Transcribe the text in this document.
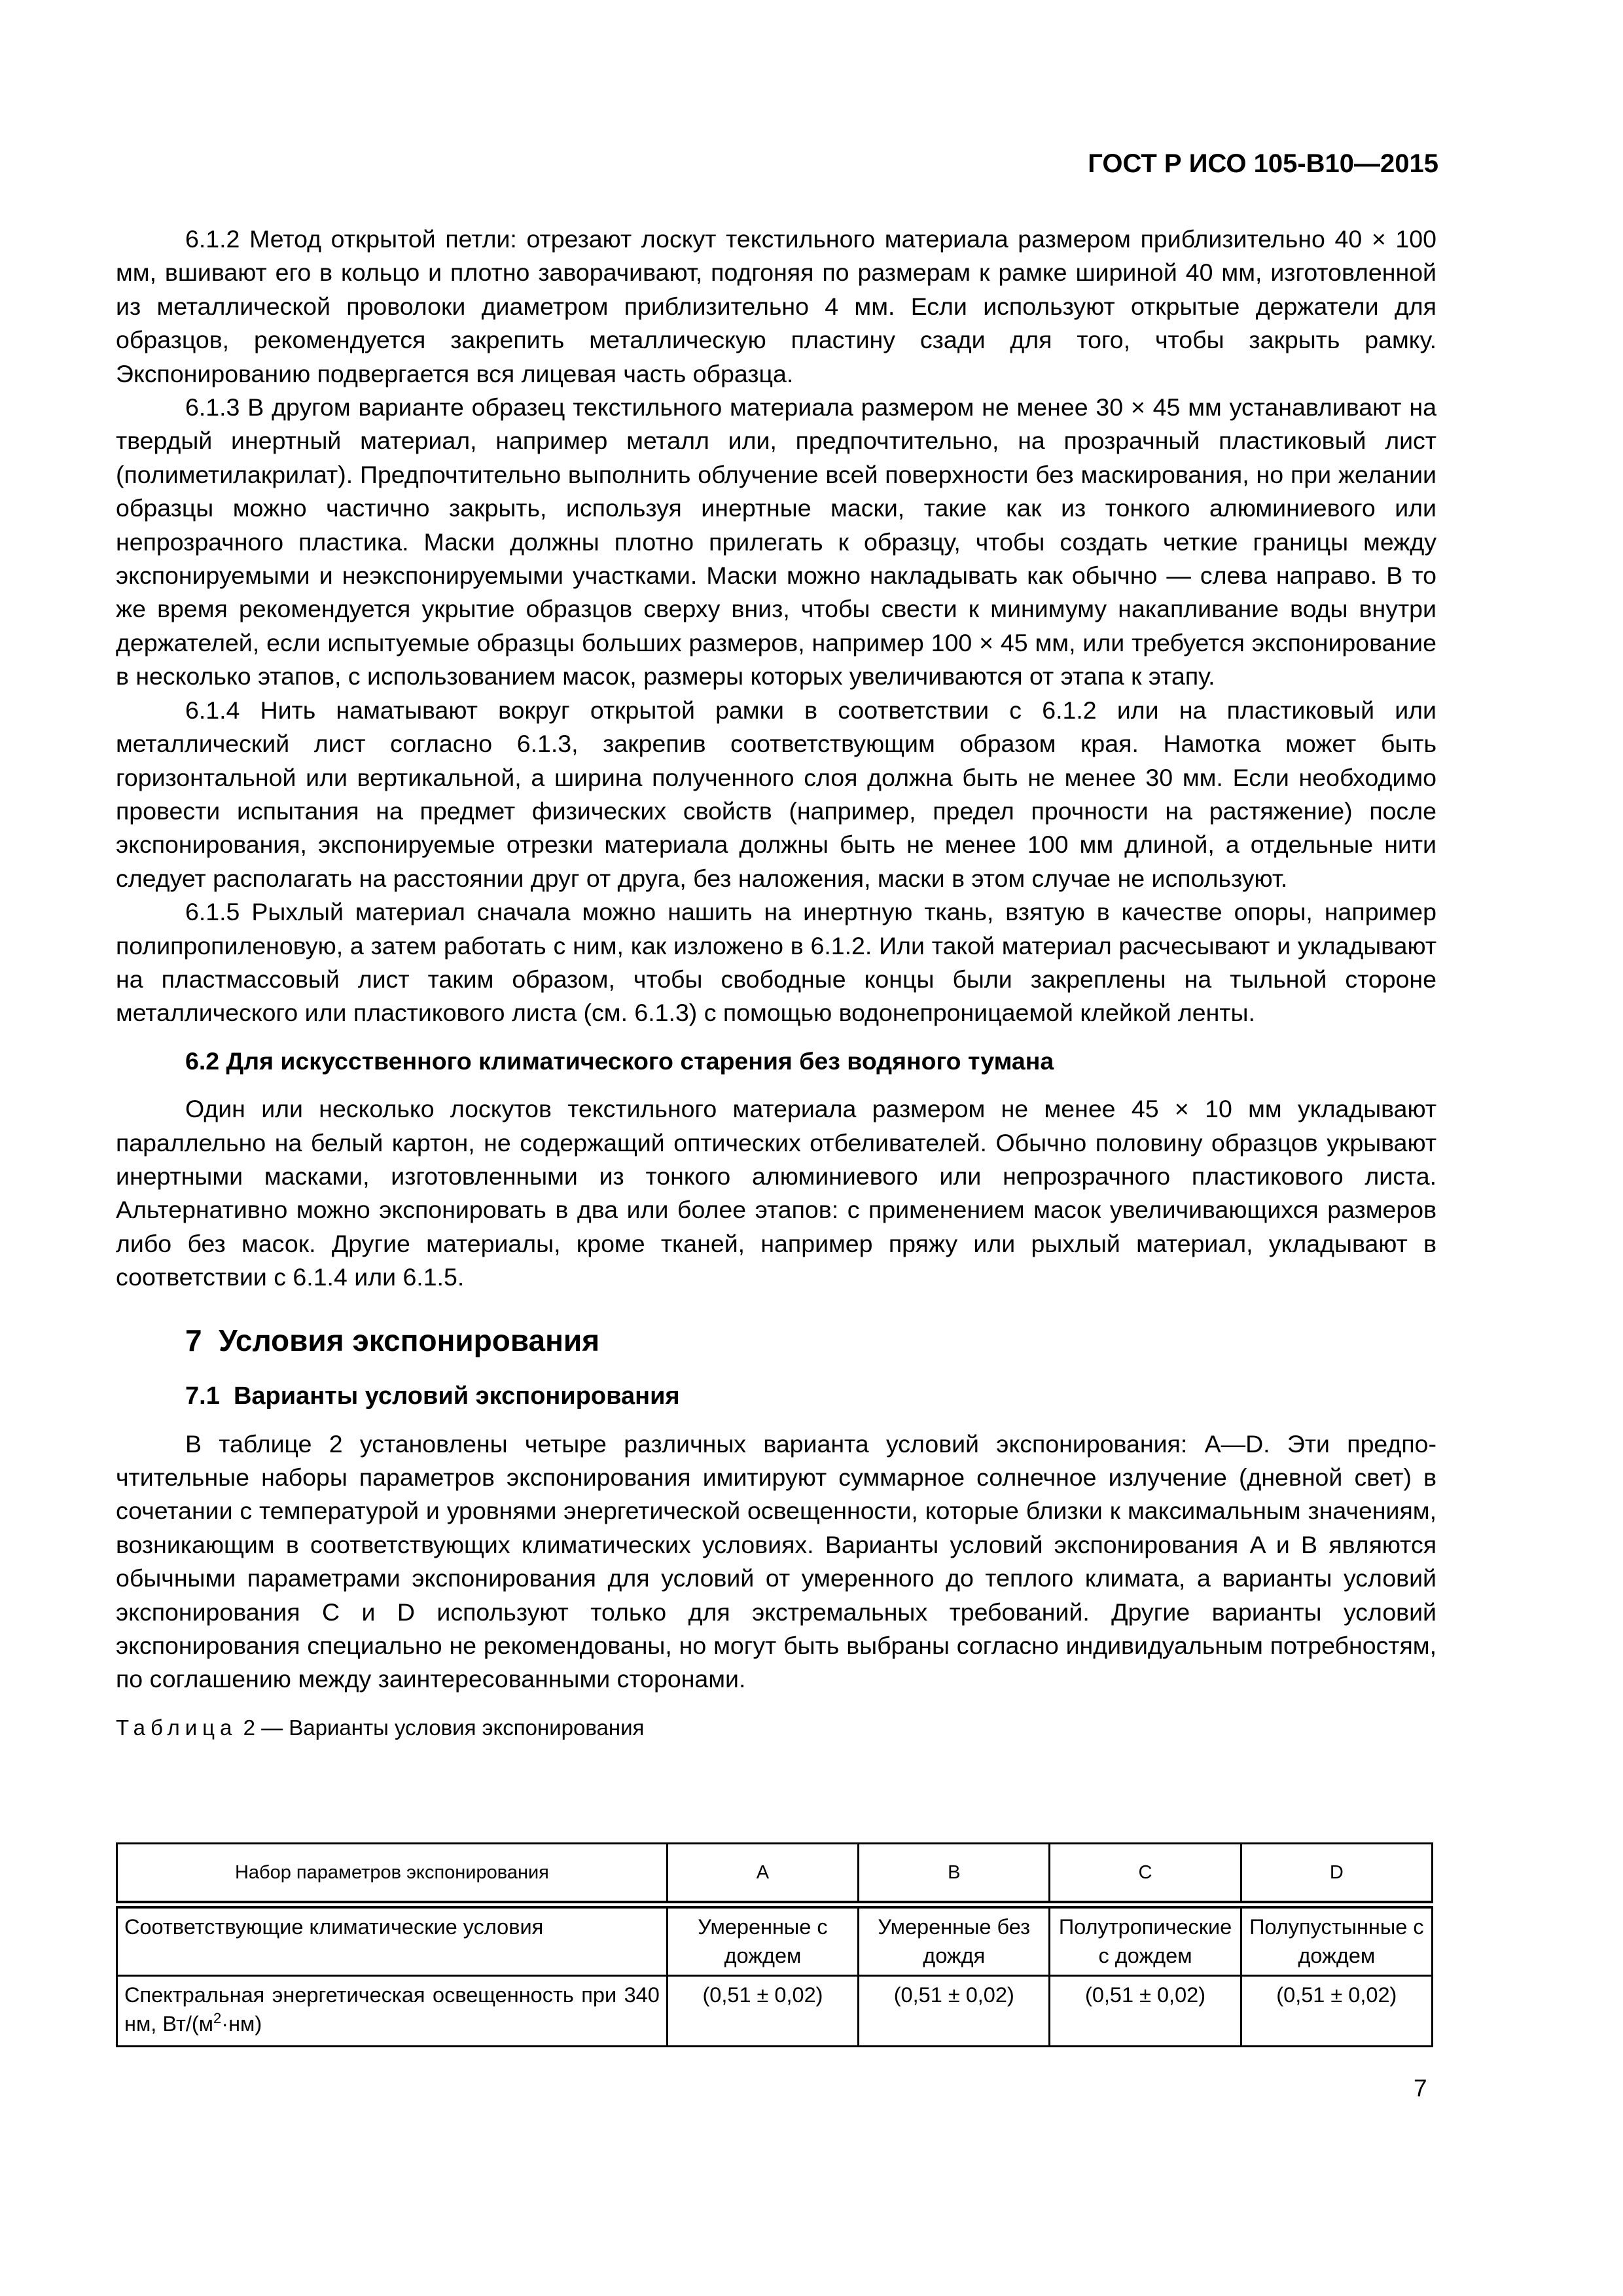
ГОСТ Р ИСО 105-B10—2015

6.1.2 Метод открытой петли: отрезают лоскут текстильного материала размером приблизительно 40 × 100 мм, вшивают его в кольцо и плотно заворачивают, подгоняя по размерам к рамке шириной 40 мм, изготовленной из металлической проволоки диаметром приблизительно 4 мм. Если используют открытые держатели для образцов, рекомендуется закрепить металлическую пластину сзади для того, чтобы закрыть рамку. Экспонированию подвергается вся лицевая часть образца.

6.1.3 В другом варианте образец текстильного материала размером не менее 30 × 45 мм устанавливают на твердый инертный материал, например металл или, предпочтительно, на прозрачный пластиковый лист (полиметилакрилат). Предпочтительно выполнить облучение всей поверхности без маскирования, но при желании образцы можно частично закрыть, используя инертные маски, такие как из тонкого алюминиевого или непрозрачного пластика. Маски должны плотно прилегать к образцу, чтобы создать четкие границы между экспонируемыми и неэкспонируемыми участками. Маски можно накладывать как обычно — слева направо. В то же время рекомендуется укрытие образцов сверху вниз, чтобы свести к минимуму накапливание воды внутри держателей, если испытуемые образцы больших размеров, например 100 × 45 мм, или требуется экспонирование в несколько этапов, с использованием масок, размеры которых увеличиваются от этапа к этапу.

6.1.4 Нить наматывают вокруг открытой рамки в соответствии с 6.1.2 или на пластиковый или металлический лист согласно 6.1.3, закрепив соответствующим образом края. Намотка может быть горизонтальной или вертикальной, а ширина полученного слоя должна быть не менее 30 мм. Если необходимо провести испытания на предмет физических свойств (например, предел прочности на растяжение) после экспонирования, экспонируемые отрезки материала должны быть не менее 100 мм длиной, а отдельные нити следует располагать на расстоянии друг от друга, без наложения, маски в этом случае не используют.

6.1.5 Рыхлый материал сначала можно нашить на инертную ткань, взятую в качестве опоры, например полипропиленовую, а затем работать с ним, как изложено в 6.1.2. Или такой материал расчесывают и укладывают на пластмассовый лист таким образом, чтобы свободные концы были закреплены на тыльной стороне металлического или пластикового листа (см. 6.1.3) с помощью водонепроницаемой клейкой ленты.

6.2 Для искусственного климатического старения без водяного тумана

Один или несколько лоскутов текстильного материала размером не менее 45 × 10 мм укладывают параллельно на белый картон, не содержащий оптических отбеливателей. Обычно половину образцов укрывают инертными масками, изготовленными из тонкого алюминиевого или непрозрачного пластикового листа. Альтернативно можно экспонировать в два или более этапов: с применением масок увеличивающихся размеров либо без масок. Другие материалы, кроме тканей, например пряжу или рыхлый материал, укладывают в соответствии с 6.1.4 или 6.1.5.

7  Условия экспонирования
7.1  Варианты условий экспонирования

В таблице 2 установлены четыре различных варианта условий экспонирования: A—D. Эти предпочтительные наборы параметров экспонирования имитируют суммарное солнечное излучение (дневной свет) в сочетании с температурой и уровнями энергетической освещенности, которые близки к максимальным значениям, возникающим в соответствующих климатических условиях. Варианты условий экспонирования A и B являются обычными параметрами экспонирования для условий от умеренного до теплого климата, а варианты условий экспонирования C и D используют только для экстремальных требований. Другие варианты условий экспонирования специально не рекомендованы, но могут быть выбраны согласно индивидуальным потребностям, по соглашению между заинтересованными сторонами.

Таблица 2 — Варианты условия экспонирования
Набор параметров экспонирования	A	B	C	D
Соответствующие климатические условия	Умеренные с дождем	Умеренные без дождя	Полутропические с дождем	Полупустынные с дождем
Спектральная энергетическая освещенность при 340 нм, $Вт/(м^2\cdot нм)$	(0,51 ± 0,02)	(0,51 ± 0,02)	(0,51 ± 0,02)	(0,51 ± 0,02)
7
